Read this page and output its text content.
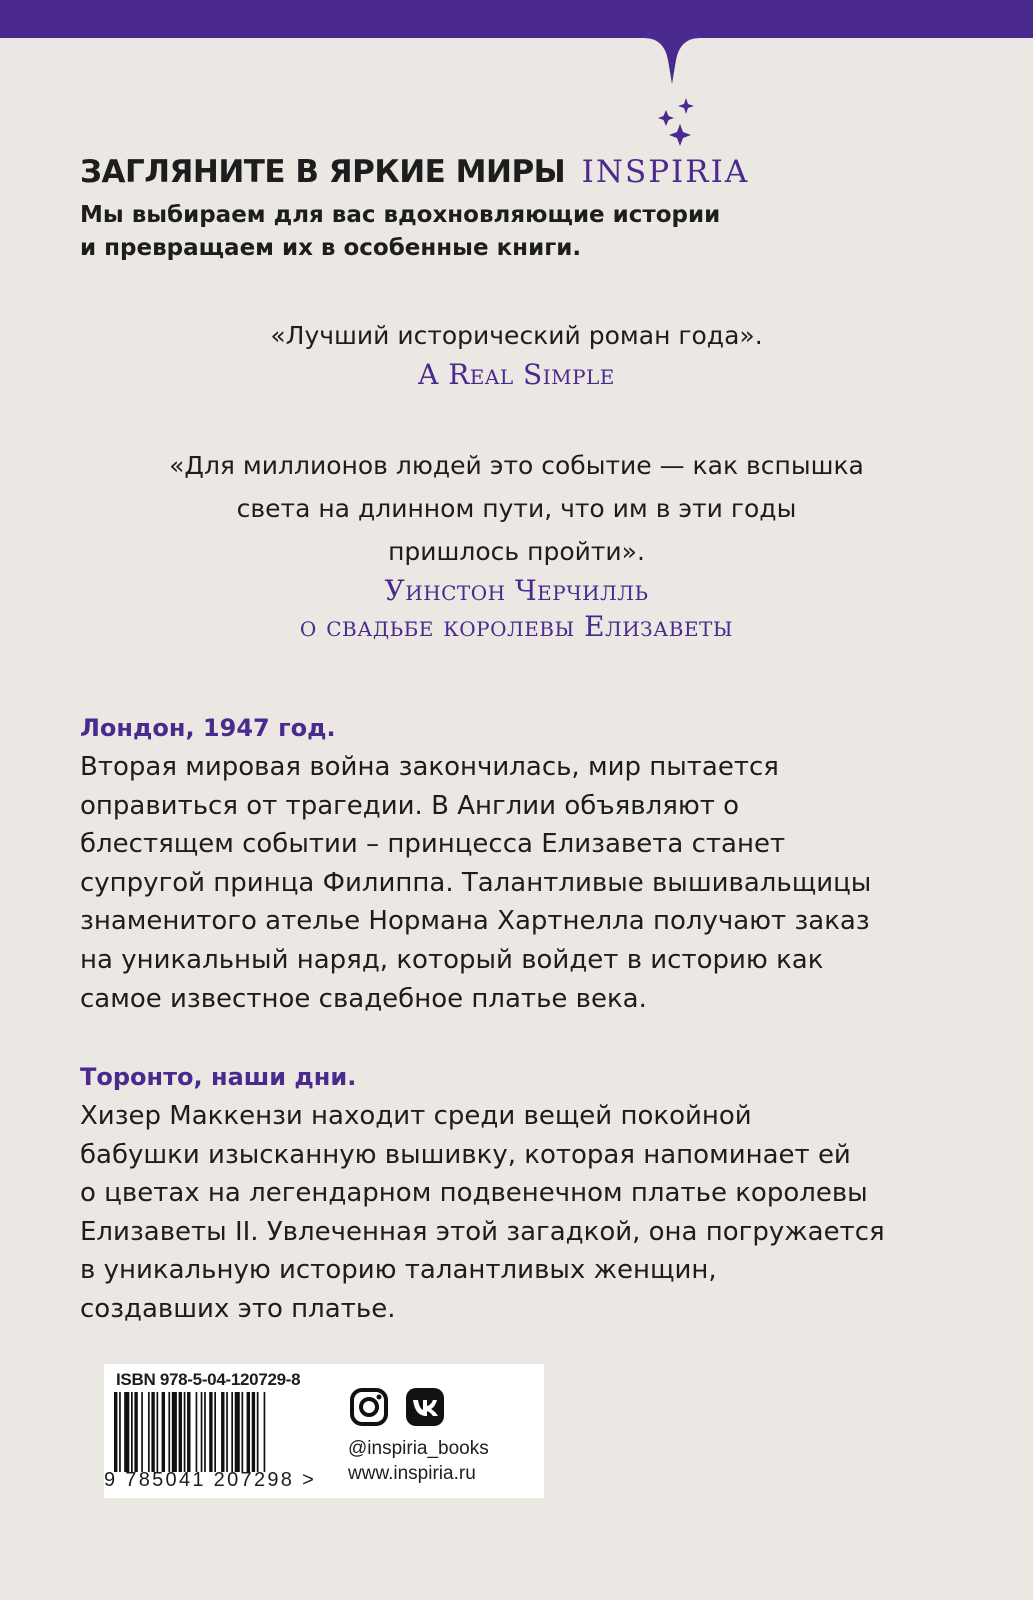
ЗАГЛЯНИТЕ В ЯРКИЕ МИРЫ INSPIRIA
Мы выбираем для вас вдохновляющие истории
и превращаем их в особенные книги.
«Лучший исторический роман года».
A Real Simple
«Для миллионов людей это событие — как вспышка
света на длинном пути, что им в эти годы
пришлось пройти».
Уинстон Черчилль
о свадьбе королевы Елизаветы
Лондон, 1947 год.
Вторая мировая война закончилась, мир пытается
оправиться от трагедии. В Англии объявляют о
блестящем событии – принцесса Елизавета станет
супругой принца Филиппа. Талантливые вышивальщицы
знаменитого ателье Нормана Хартнелла получают заказ
на уникальный наряд, который войдет в историю как
самое известное свадебное платье века.
Торонто, наши дни.
Хизер Маккензи находит среди вещей покойной
бабушки изысканную вышивку, которая напоминает ей
о цветах на легендарном подвенечном платье королевы
Елизаветы II. Увлеченная этой загадкой, она погружается
в уникальную историю талантливых женщин,
создавших это платье.
ISBN 978-5-04-120729-8
9 785041 207298 >
@inspiria_books
www.inspiria.ru
